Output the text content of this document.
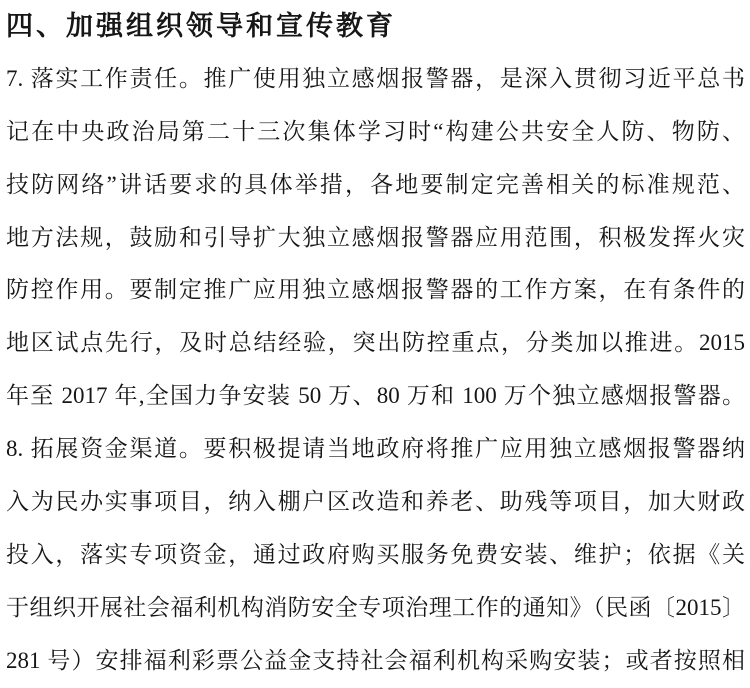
四、加强组织领导和宣传教育
7. 落实工作责任。推广使用独立感烟报警器，是深入贯彻习近平总书
记在中央政治局第二十三次集体学习时“构建公共安全人防、物防、
技防网络”讲话要求的具体举措，各地要制定完善相关的标准规范、
地方法规，鼓励和引导扩大独立感烟报警器应用范围，积极发挥火灾
防控作用。要制定推广应用独立感烟报警器的工作方案，在有条件的
地区试点先行，及时总结经验，突出防控重点，分类加以推进。2015
年至 2017 年,全国力争安装 50 万、80 万和 100 万个独立感烟报警器。
8. 拓展资金渠道。要积极提请当地政府将推广应用独立感烟报警器纳
入为民办实事项目，纳入棚户区改造和养老、助残等项目，加大财政
投入，落实专项资金，通过政府购买服务免费安装、维护；依据《关
于组织开展社会福利机构消防安全专项治理工作的通知》（民函〔2015〕
281 号）安排福利彩票公益金支持社会福利机构采购安装；或者按照相
